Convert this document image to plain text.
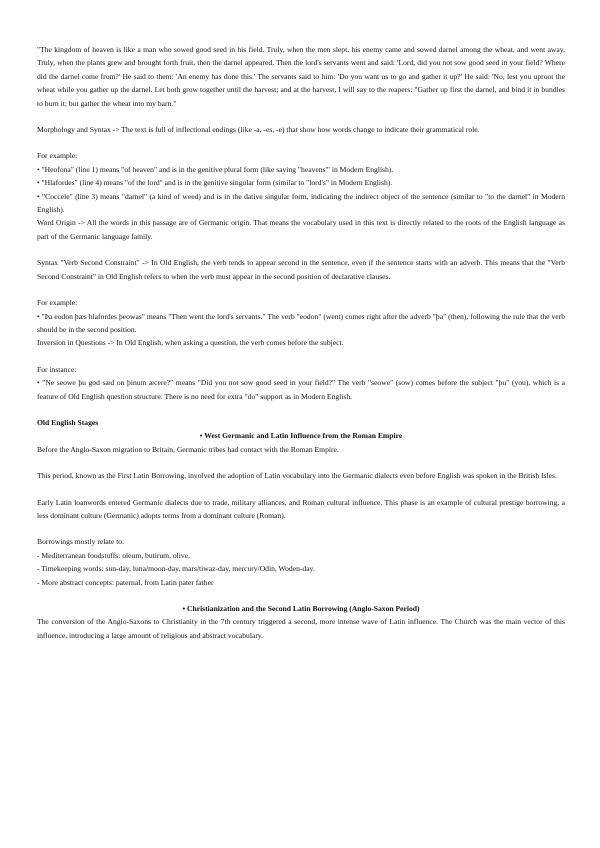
"The kingdom of heaven is like a man who sowed good seed in his field. Truly, when the men slept, his enemy came and sowed darnel among the wheat, and went away. Truly, when the plants grew and brought forth fruit, then the darnel appeared. Then the lord's servants went and said: 'Lord, did you not sow good seed in your field? Where did the darnel come from?' He said to them: 'An enemy has done this.' The servants said to him: 'Do you want us to go and gather it up?' He said: 'No, lest you uproot the wheat while you gather up the darnel. Let both grow together until the harvest; and at the harvest, I will say to the reapers: "Gather up first the darnel, and bind it in bundles to burn it; but gather the wheat into my barn."

Morphology and Syntax -> The text is full of inflectional endings (like -a, -es, -e) that show how words change to indicate their grammatical role.

For example:

• "Heofona" (line 1) means "of heaven" and is in the genitive plural form (like saying "heavens'" in Modern English).

• "Hlafordes" (line 4) means "of the lord" and is in the genitive singular form (similar to "lord's" in Modern English).

• "Coccele" (line 3) means "darnel" (a kind of weed) and is in the dative singular form, indicating the indirect object of the sentence (similar to "to the darnel" in Modern English).

Word Origin -> All the words in this passage are of Germanic origin. That means the vocabulary used in this text is directly related to the roots of the English language as part of the Germanic language family.

Syntax "Verb Second Constraint" -> In Old English, the verb tends to appear second in the sentence, even if the sentence starts with an adverb. This means that the "Verb Second Constraint" in Old English refers to when the verb must appear in the second position of declarative clauses.

For example:

• "Þa eodon þæs hlafordes þeowas" means "Then went the lord's servants." The verb "eodon" (went) comes right after the adverb "þa" (then), following the rule that the verb should be in the second position.

Inversion in Questions -> In Old English, when asking a question, the verb comes before the subject.

For instance:

• "Ne seowe þu god sæd on þinum æcere?" means "Did you not sow good seed in your field?" The verb "seowe" (sow) comes before the subject "þu" (you), which is a feature of Old English question structure. There is no need for extra "do" support as in Modern English.

Old English Stages

• West Germanic and Latin Influence from the Roman Empire

Before the Anglo-Saxon migration to Britain, Germanic tribes had contact with the Roman Empire.

This period, known as the First Latin Borrowing, involved the adoption of Latin vocabulary into the Germanic dialects even before English was spoken in the British Isles.

Early Latin loanwords entered Germanic dialects due to trade, military alliances, and Roman cultural influence. This phase is an example of cultural prestige borrowing, a less dominant culture (Germanic) adopts terms from a dominant culture (Roman).

Borrowings mostly relate to:

- Mediterranean foodstuffs: oleum, butirum, olive.

- Timekeeping words: sun-day, luna/moon-day, mars/tiwaz-day, mercury/Odin, Woden-day.

- More abstract concepts: paternal, from Latin pater father

• Christianization and the Second Latin Borrowing (Anglo-Saxon Period)

The conversion of the Anglo-Saxons to Christianity in the 7th century triggered a second, more intense wave of Latin influence. The Church was the main vector of this influence, introducing a large amount of religious and abstract vocabulary.
